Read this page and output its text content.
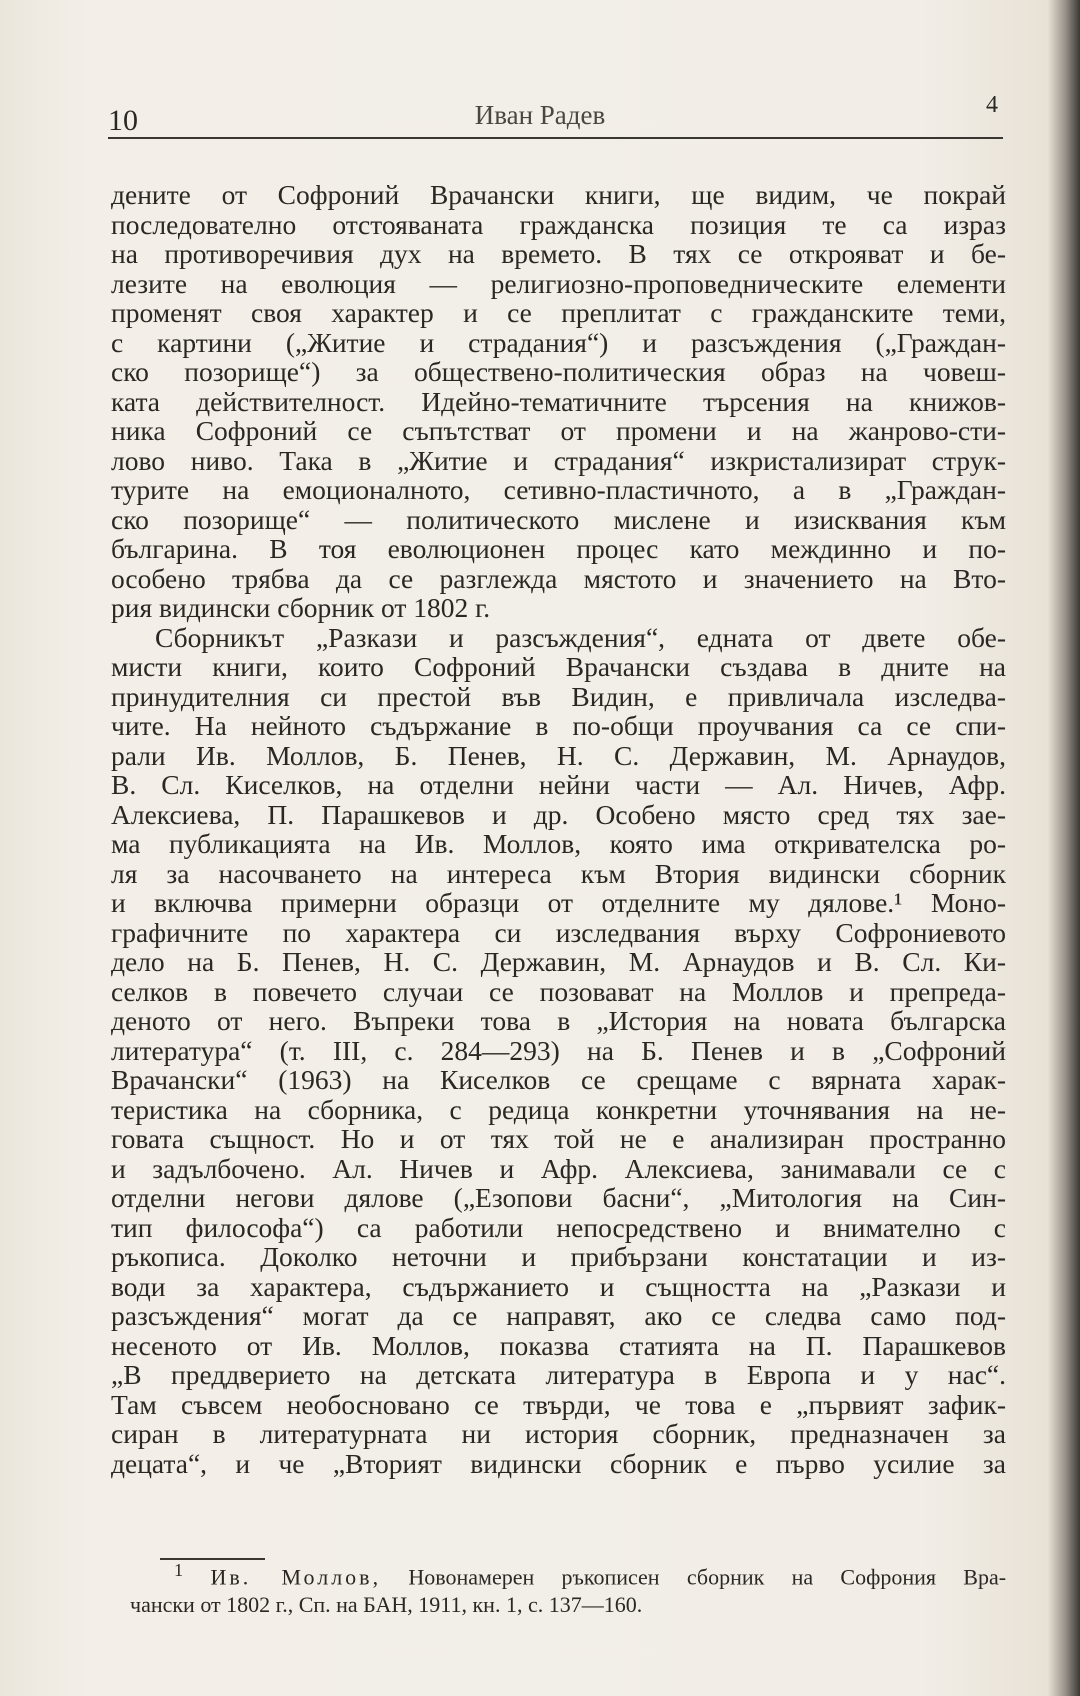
10	Иван Радев	4
дените от Софроний Врачански книги, ще видим, че покрай
последователно отстояваната гражданска позиция те са израз
на противоречивия дух на времето. В тях се открояват и бе-
лезите на еволюция — религиозно-проповедническите елементи
променят своя характер и се преплитат с гражданските теми,
с картини („Житие и страдания“) и разсъждения („Граждан-
ско позорище“) за обществено-политическия образ на човеш-
ката действителност. Идейно-тематичните търсения на книжов-
ника Софроний се съпътстват от промени и на жанрово-сти-
лово ниво. Така в „Житие и страдания“ изкристализират струк-
турите на емоционалното, сетивно-пластичното, а в „Граждан-
ско позорище“ — политическото мислене и изисквания към
българина. В тоя еволюционен процес като междинно и по-
особено трябва да се разглежда мястото и значението на Вто-
рия видински сборник от 1802 г.
Сборникът „Разкази и разсъждения“, едната от двете обе-
мисти книги, които Софроний Врачански създава в дните на
принудителния си престой във Видин, е привличала изследва-
чите. На нейното съдържание в по-общи проучвания са се спи-
рали Ив. Моллов, Б. Пенев, Н. С. Державин, М. Арнаудов,
В. Сл. Киселков, на отделни нейни части — Ал. Ничев, Афр.
Алексиева, П. Парашкевов и др. Особено място сред тях зае-
ма публикацията на Ив. Моллов, която има откривателска ро-
ля за насочването на интереса към Втория видински сборник
и включва примерни образци от отделните му дялове.¹ Моно-
графичните по характера си изследвания върху Софрониевото
дело на Б. Пенев, Н. С. Державин, М. Арнаудов и В. Сл. Ки-
селков в повечето случаи се позовават на Моллов и препреда-
деното от него. Въпреки това в „История на новата българска
литература“ (т. III, с. 284—293) на Б. Пенев и в „Софроний
Врачански“ (1963) на Киселков се срещаме с вярната харак-
теристика на сборника, с редица конкретни уточнявания на не-
говата същност. Но и от тях той не е анализиран пространно
и задълбочено. Ал. Ничев и Афр. Алексиева, занимавали се с
отделни негови дялове („Езопови басни“, „Митология на Син-
тип философа“) са работили непосредствено и внимателно с
ръкописа. Доколко неточни и прибързани констатации и из-
води за характера, съдържанието и същността на „Разкази и
разсъждения“ могат да се направят, ако се следва само под-
несеното от Ив. Моллов, показва статията на П. Парашкевов
„В преддверието на детската литература в Европа и у нас“.
Там съвсем необосновано се твърди, че това е „първият зафик-
сиран в литературната ни история сборник, предназначен за
децата“, и че „Вторият видински сборник е първо усилие за
$^1$ Ив. Моллов, Новонамерен ръкописен сборник на Софрония Вра-
чански от 1802 г., Сп. на БАН, 1911, кн. 1, с. 137—160.
